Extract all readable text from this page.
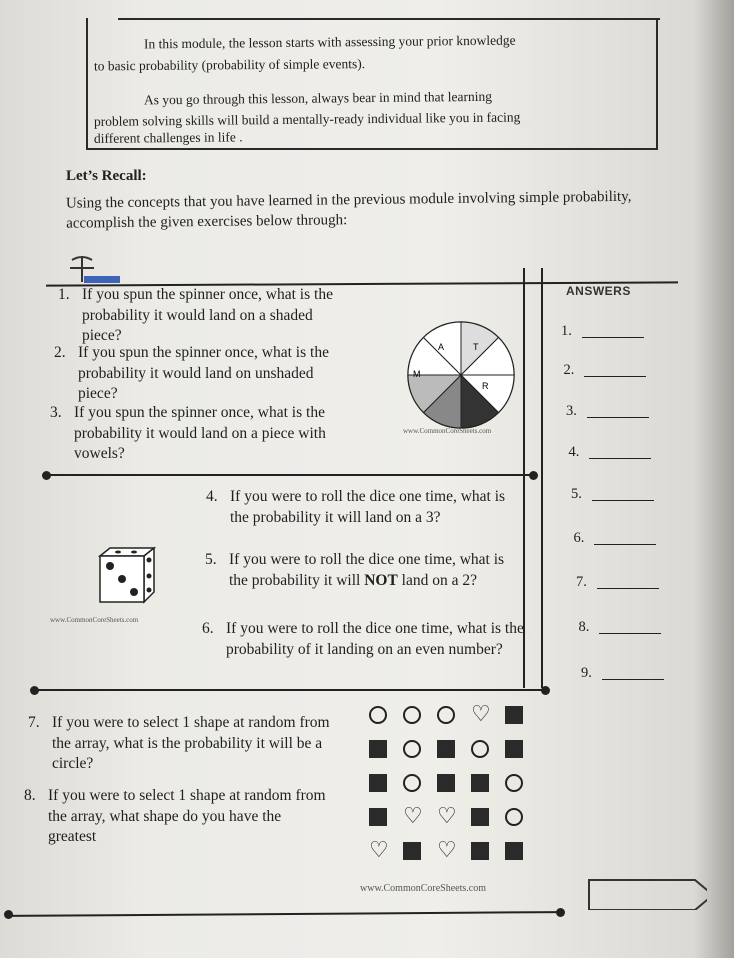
In this module, the lesson starts with assessing your prior knowledge

to basic probability (probability of simple events).

As you go through this lesson, always bear in mind that learning

problem solving skills will build a mentally-ready individual like you in facing

different challenges in life .

Let’s Recall:
Using the concepts that you have learned in the previous module involving simple probability, accomplish the given exercises below through:
ANSWERS
1. If you spun the spinner once, what is the probability it would land on a shaded piece?
2. If you spun the spinner once, what is the probability it would land on unshaded piece?
3. If you spun the spinner once, what is the probability it would land on a piece with vowels?
A	T
M
R
www.CommonCoreSheets.com
4. If you were to roll the dice one time, what is the probability it will land on a 3?
5. If you were to roll the dice one time, what is the probability it will NOT land on a 2?
6. If you were to roll the dice one time, what is the probability of it landing on an even number?
www.CommonCoreSheets.com
7. If you were to select 1 shape at random from the array, what is the probability it will be a circle?
8. If you were to select 1 shape at random from the array, what shape do you have the greatest
♡
♡ ♡
♡ ♡
www.CommonCoreSheets.com
1.
2.
3.
4.
5.
6.
7.
8.
9.
